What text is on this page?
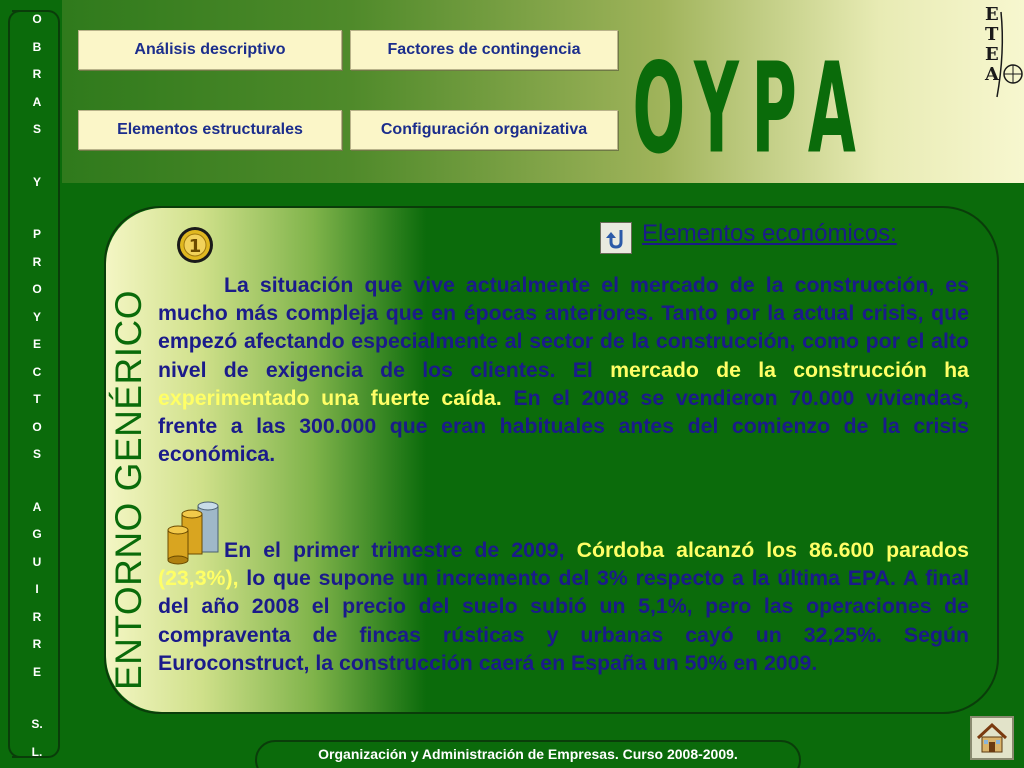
O
B
R
A
S
Y
P
R
O
Y
E
C
T
O
S
A
G
U
I
R
R
E
S.
L.
Análisis descriptivo	Factores de contingencia
Elementos estructurales	Configuración organizativa O Y P A
E
T
E
A
ENTORNO GENÉRICO
1	Elementos económicos:
La situación que vive actualmente el mercado de la construcción, es mucho más compleja que en épocas anteriores. Tanto por la actual crisis, que empezó afectando especialmente al sector de la construcción, como por el alto nivel de exigencia de los clientes. El mercado de la construcción ha experimentado una fuerte caída. En el 2008 se vendieron 70.000 viviendas, frente a las 300.000 que eran habituales antes del comienzo de la crisis económica.
En el primer trimestre de 2009, Córdoba alcanzó los 86.600 parados (23,3%), lo que supone un incremento del 3% respecto a la última EPA. A final del año 2008 el precio del suelo subió un 5,1%, pero las operaciones de compraventa de fincas rústicas y urbanas cayó un 32,25%. Según Euroconstruct, la construcción caerá en España un 50% en 2009.
Organización y Administración de Empresas. Curso 2008-2009.
